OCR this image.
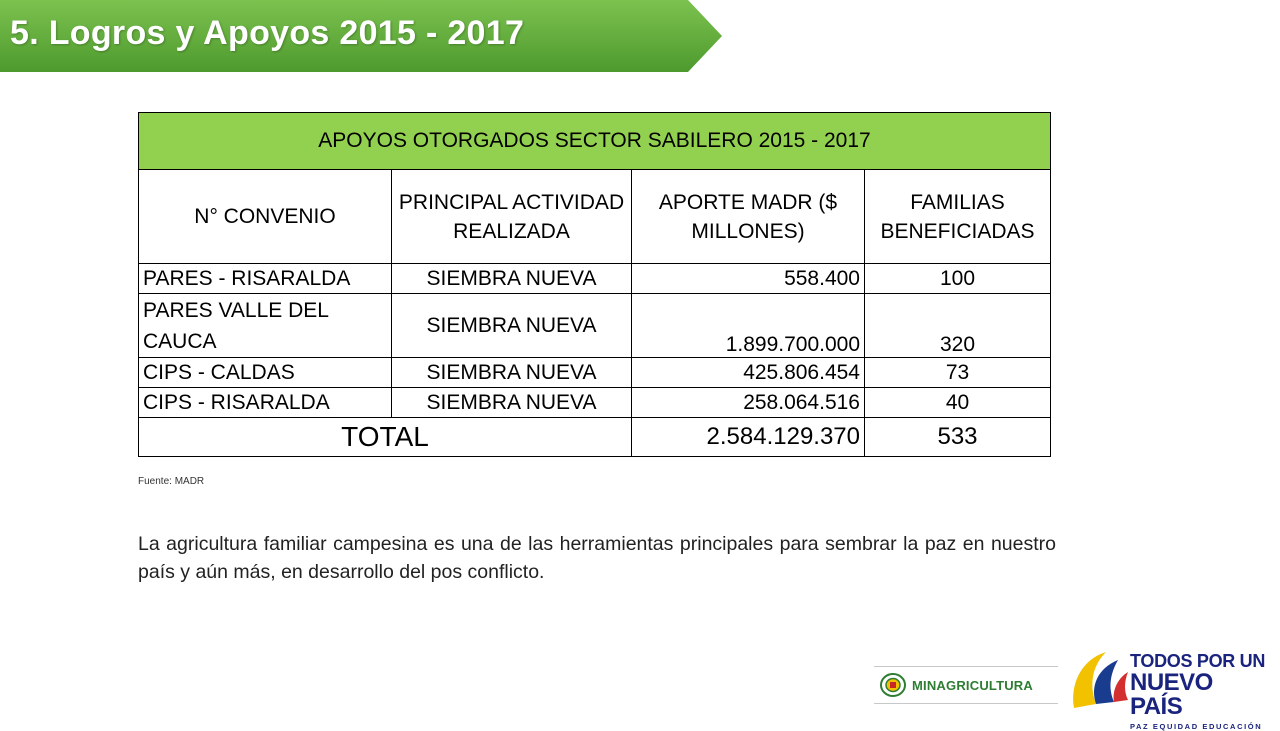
5. Logros y Apoyos 2015 - 2017
APOYOS OTORGADOS SECTOR SABILERO 2015 - 2017			
N° CONVENIO	PRINCIPAL ACTIVIDAD REALIZADA	APORTE MADR ($ MILLONES)	FAMILIAS BENEFICIADAS
PARES - RISARALDA	SIEMBRA NUEVA	558.400	100
PARES VALLE DEL CAUCA	SIEMBRA NUEVA	1.899.700.000	320
CIPS - CALDAS	SIEMBRA NUEVA	425.806.454	73
CIPS - RISARALDA	SIEMBRA NUEVA	258.064.516	40
TOTAL		2.584.129.370	533
Fuente: MADR

La agricultura familiar campesina es una de las herramientas principales para sembrar la paz en nuestro país y aún más, en desarrollo del pos conflicto.

MINAGRICULTURA
TODOS POR UN
NUEVO PAÍS
PAZ EQUIDAD EDUCACIÓN
